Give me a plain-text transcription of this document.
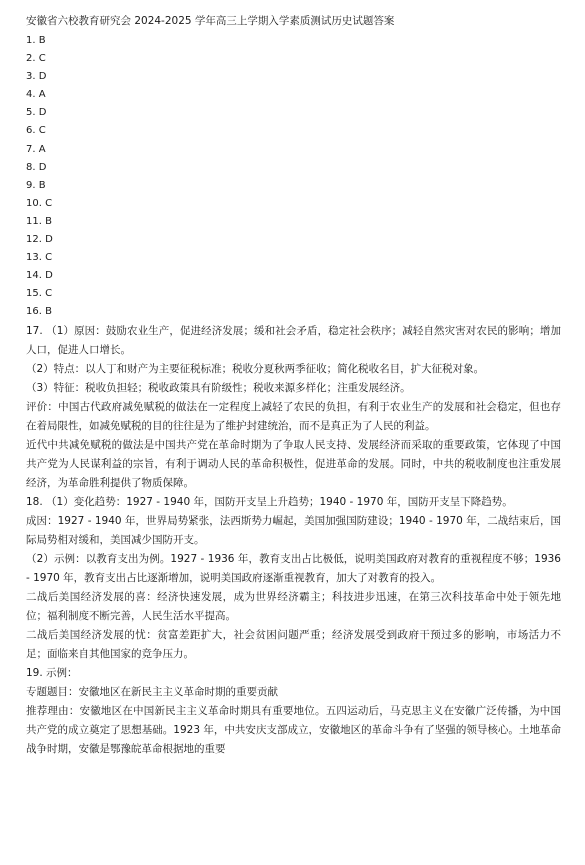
安徽省六校教育研究会 2024-2025 学年高三上学期入学素质测试历史试题答案
1. B
2. C
3. D
4. A
5. D
6. C
7. A
8. D
9. B
10. C
11. B
12. D
13. C
14. D
15. C
16. B

17. （1）原因：鼓励农业生产，促进经济发展；缓和社会矛盾，稳定社会秩序；减轻自然灾害对农民的影响；增加人口，促进人口增长。

（2）特点：以人丁和财产为主要征税标准；税收分夏秋两季征收；简化税收名目，扩大征税对象。

（3）特征：税收负担轻；税收政策具有阶级性；税收来源多样化；注重发展经济。

评价：中国古代政府减免赋税的做法在一定程度上减轻了农民的负担，有利于农业生产的发展和社会稳定，但也存在着局限性，如减免赋税的目的往往是为了维护封建统治，而不是真正为了人民的利益。

近代中共减免赋税的做法是中国共产党在革命时期为了争取人民支持、发展经济而采取的重要政策，它体现了中国共产党为人民谋利益的宗旨，有利于调动人民的革命积极性，促进革命的发展。同时，中共的税收制度也注重发展经济，为革命胜利提供了物质保障。

18. （1）变化趋势：1927 - 1940 年，国防开支呈上升趋势；1940 - 1970 年，国防开支呈下降趋势。

成因：1927 - 1940 年，世界局势紧张，法西斯势力崛起，美国加强国防建设；1940 - 1970 年，二战结束后，国际局势相对缓和，美国减少国防开支。

（2）示例：以教育支出为例。1927 - 1936 年，教育支出占比极低，说明美国政府对教育的重视程度不够；1936 - 1970 年，教育支出占比逐渐增加，说明美国政府逐渐重视教育，加大了对教育的投入。

二战后美国经济发展的喜：经济快速发展，成为世界经济霸主；科技进步迅速，在第三次科技革命中处于领先地位；福利制度不断完善，人民生活水平提高。

二战后美国经济发展的忧：贫富差距扩大，社会贫困问题严重；经济发展受到政府干预过多的影响，市场活力不足；面临来自其他国家的竞争压力。

19. 示例：

专题题目：安徽地区在新民主主义革命时期的重要贡献

推荐理由：安徽地区在中国新民主主义革命时期具有重要地位。五四运动后，马克思主义在安徽广泛传播，为中国共产党的成立奠定了思想基础。1923 年，中共安庆支部成立，安徽地区的革命斗争有了坚强的领导核心。土地革命战争时期，安徽是鄂豫皖革命根据地的重要
